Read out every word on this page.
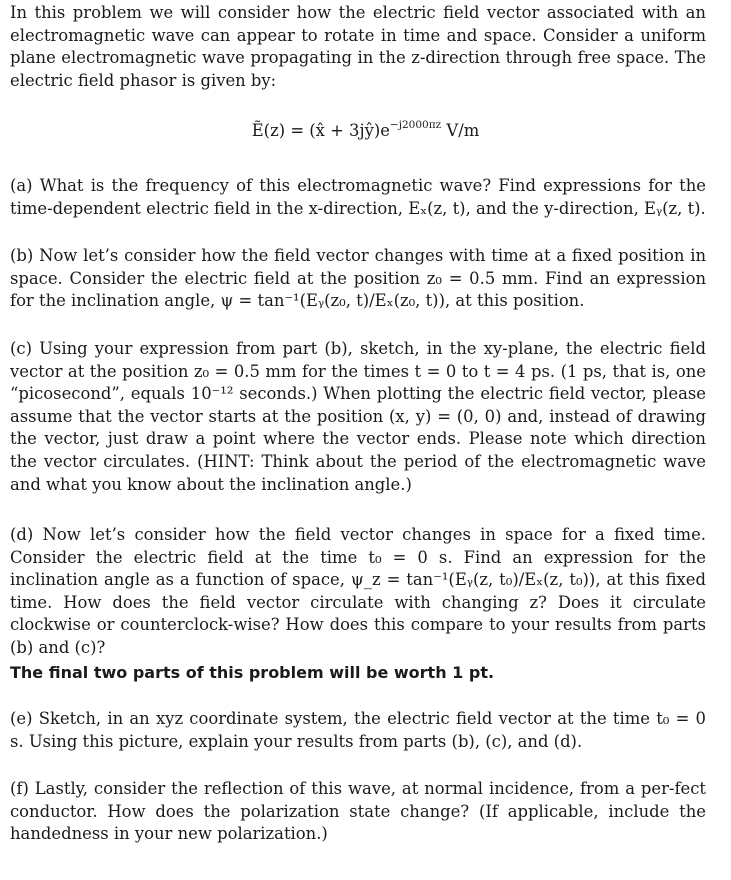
In this problem we will consider how the electric field vector associated with an electromagnetic wave can appear to rotate in time and space. Consider a uniform plane electromagnetic wave propagating in the z-direction through free space. The electric field phasor is given by:

Ẽ(z) = (x̂ + $3jŷ)e^{-j2000\pi z}$ V/m

(a) What is the frequency of this electromagnetic wave? Find expressions for the time-dependent electric field in the x-direction, Eₓ(z, t), and the y-direction, Eᵧ(z, t).

(b) Now let’s consider how the field vector changes with time at a fixed position in space. Consider the electric field at the position z₀ = 0.5 mm. Find an expression for the inclination angle, ψ = tan⁻¹(Eᵧ(z₀, t)/Eₓ(z₀, t)), at this position.

(c) Using your expression from part (b), sketch, in the xy-plane, the electric field vector at the position z₀ = 0.5 mm for the times t = 0 to t = 4 ps. (1 ps, that is, one “picosecond”, equals 10⁻¹² seconds.) When plotting the electric field vector, please assume that the vector starts at the position (x, y) = (0, 0) and, instead of drawing the vector, just draw a point where the vector ends. Please note which direction the vector circulates. (HINT: Think about the period of the electromagnetic wave and what you know about the inclination angle.)

(d) Now let’s consider how the field vector changes in space for a fixed time. Consider the electric field at the time t₀ = 0 s. Find an expression for the inclination angle as a function of space, ψ_z = tan⁻¹(Eᵧ(z, t₀)/Eₓ(z, t₀)), at this fixed time. How does the field vector circulate with changing z? Does it circulate clockwise or counterclock-wise? How does this compare to your results from parts (b) and (c)?

The final two parts of this problem will be worth 1 pt.

(e) Sketch, in an xyz coordinate system, the electric field vector at the time t₀ = 0 s. Using this picture, explain your results from parts (b), (c), and (d).

(f) Lastly, consider the reflection of this wave, at normal incidence, from a per-fect conductor. How does the polarization state change? (If applicable, include the handedness in your new polarization.)
